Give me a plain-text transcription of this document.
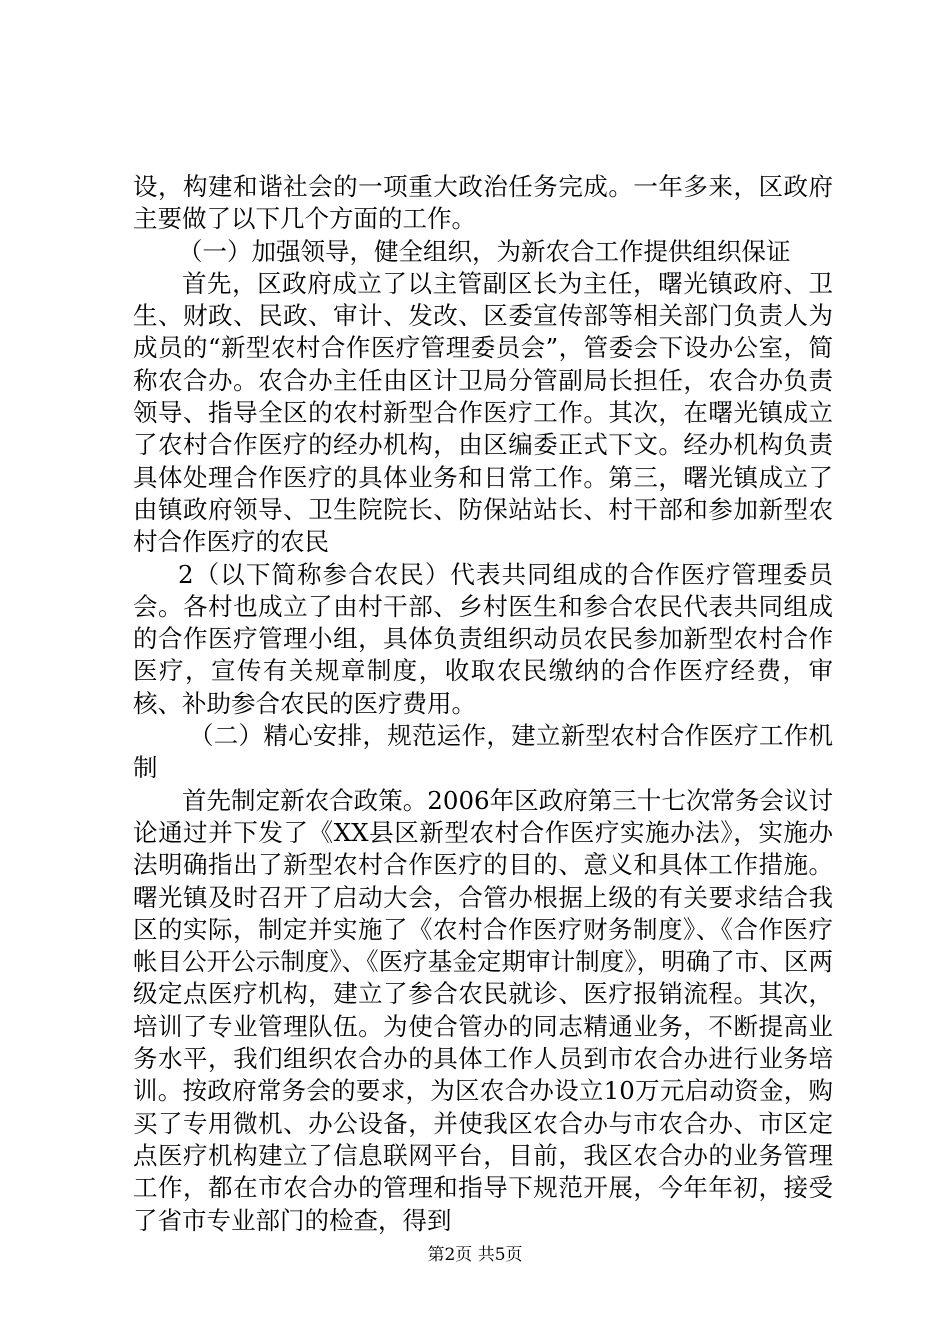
设，构建和谐社会的一项重大政治任务完成。一年多来，区政府主要做了以下几个方面的工作。

（一）加强领导，健全组织，为新农合工作提供组织保证

首先，区政府成立了以主管副区长为主任，曙光镇政府、卫生、财政、民政、审计、发改、区委宣传部等相关部门负责人为成员的“新型农村合作医疗管理委员会”，管委会下设办公室，简称农合办。农合办主任由区计卫局分管副局长担任，农合办负责领导、指导全区的农村新型合作医疗工作。其次，在曙光镇成立了农村合作医疗的经办机构，由区编委正式下文。经办机构负责具体处理合作医疗的具体业务和日常工作。第三，曙光镇成立了由镇政府领导、卫生院院长、防保站站长、村干部和参加新型农村合作医疗的农民

2（以下简称参合农民）代表共同组成的合作医疗管理委员会。各村也成立了由村干部、乡村医生和参合农民代表共同组成的合作医疗管理小组，具体负责组织动员农民参加新型农村合作医疗，宣传有关规章制度，收取农民缴纳的合作医疗经费，审核、补助参合农民的医疗费用。

（二）精心安排，规范运作，建立新型农村合作医疗工作机制

首先制定新农合政策。2006年区政府第三十七次常务会议讨论通过并下发了《XX县区新型农村合作医疗实施办法》，实施办法明确指出了新型农村合作医疗的目的、意义和具体工作措施。曙光镇及时召开了启动大会，合管办根据上级的有关要求结合我区的实际，制定并实施了《农村合作医疗财务制度》、《合作医疗帐目公开公示制度》、《医疗基金定期审计制度》，明确了市、区两级定点医疗机构，建立了参合农民就诊、医疗报销流程。其次，培训了专业管理队伍。为使合管办的同志精通业务，不断提高业务水平，我们组织农合办的具体工作人员到市农合办进行业务培训。按政府常务会的要求，为区农合办设立10万元启动资金，购买了专用微机、办公设备，并使我区农合办与市农合办、市区定点医疗机构建立了信息联网平台，目前，我区农合办的业务管理工作，都在市农合办的管理和指导下规范开展，今年年初，接受了省市专业部门的检查，得到

第2页 共5页
